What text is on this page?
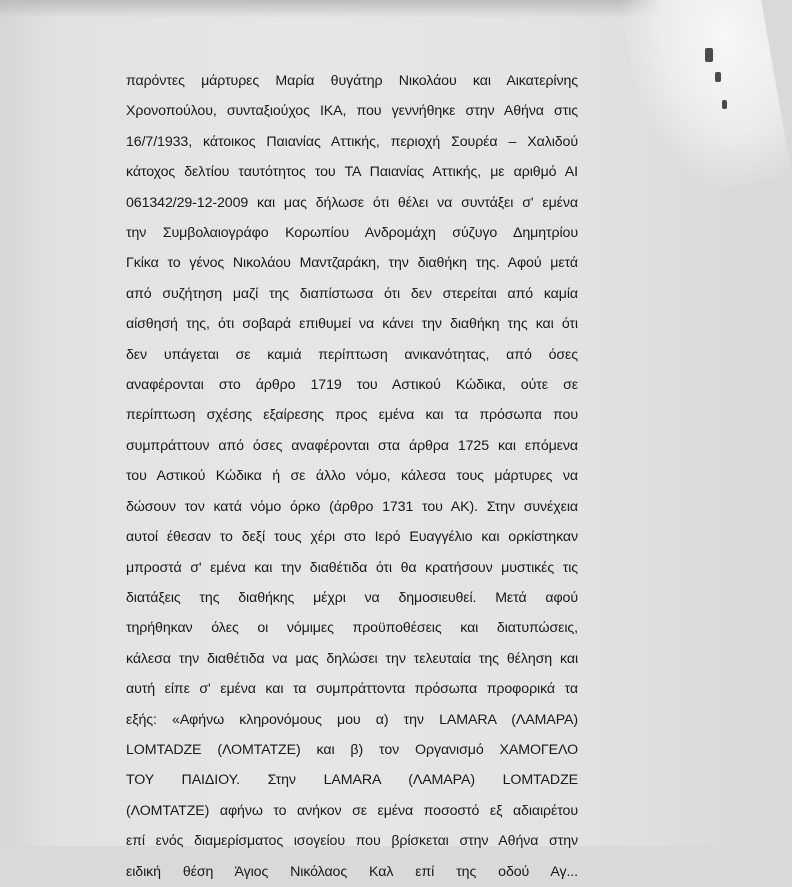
παρόντες μάρτυρες Μαρία θυγάτηρ Νικολάου και Αικατερίνης
Χρονοπούλου, συνταξιούχος ΙΚΑ, που γεννήθηκε στην Αθήνα στις
16/7/1933, κάτοικος Παιανίας Αττικής, περιοχή Σουρέα – Χαλιδού
κάτοχος δελτίου ταυτότητος του ΤΑ Παιανίας Αττικής, με αριθμό ΑΙ
061342/29-12-2009 και μας δήλωσε ότι θέλει να συντάξει σ' εμένα
την Συμβολαιογράφο Κορωπίου Ανδρομάχη σύζυγο Δημητρίου
Γκίκα το γένος Νικολάου Μαντζαράκη, την διαθήκη της. Αφού μετά
από συζήτηση μαζί της διαπίστωσα ότι δεν στερείται από καμία
αίσθησή της, ότι σοβαρά επιθυμεί να κάνει την διαθήκη της και ότι
δεν υπάγεται σε καμιά περίπτωση ανικανότητας, από όσες
αναφέρονται στο άρθρο 1719 του Αστικού Κώδικα, ούτε σε
περίπτωση σχέσης εξαίρεσης προς εμένα και τα πρόσωπα που
συμπράττουν από όσες αναφέρονται στα άρθρα 1725 και επόμενα
του Αστικού Κώδικα ή σε άλλο νόμο, κάλεσα τους μάρτυρες να
δώσουν τον κατά νόμο όρκο (άρθρο 1731 του ΑΚ). Στην συνέχεια
αυτοί έθεσαν το δεξί τους χέρι στο Ιερό Ευαγγέλιο και ορκίστηκαν
μπροστά σ' εμένα και την διαθέτιδα ότι θα κρατήσουν μυστικές τις
διατάξεις της διαθήκης μέχρι να δημοσιευθεί. Μετά αφού
τηρήθηκαν όλες οι νόμιμες προϋποθέσεις και διατυπώσεις,
κάλεσα την διαθέτιδα να μας δηλώσει την τελευταία της θέληση και
αυτή είπε σ' εμένα και τα συμπράττοντα πρόσωπα προφορικά τα
εξής: «Αφήνω κληρονόμους μου α) την LAMARA (ΛΑΜΑΡΑ)
LOMTADZE (ΛΟΜΤΑΤΖΕ) και β) τον Οργανισμό ΧΑΜΟΓΕΛΟ
ΤΟΥ ΠΑΙΔΙΟΥ. Στην LAMARA (ΛΑΜΑΡΑ) LOMTADZE
(ΛΟΜΤΑΤΖΕ) αφήνω το ανήκον σε εμένα ποσοστό εξ αδιαιρέτου
επί ενός διαμερίσματος ισογείου που βρίσκεται στην Αθήνα στην
ειδική θέση Άγιος Νικόλαος Καλ επί της οδού Αγ...
